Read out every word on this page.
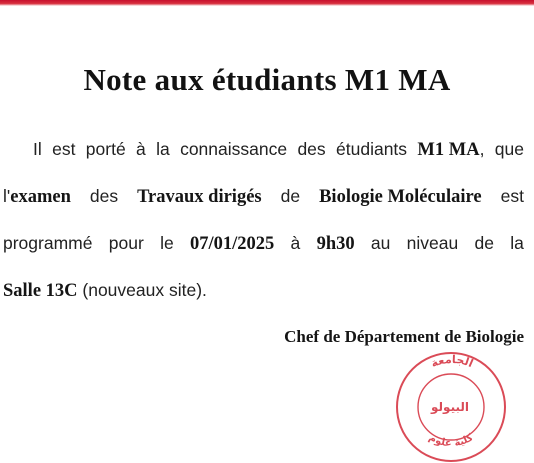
Note aux étudiants M1 MA
Il est porté à la connaissance des étudiants M1 MA, que
l'examen des Travaux dirigés de Biologie Moléculaire est
programmé pour le 07/01/2025 à 9h30 au niveau de la
Salle 13C (nouveaux site).
Chef de Département de Biologie
الجامعة
البيولو
كلية علوم
